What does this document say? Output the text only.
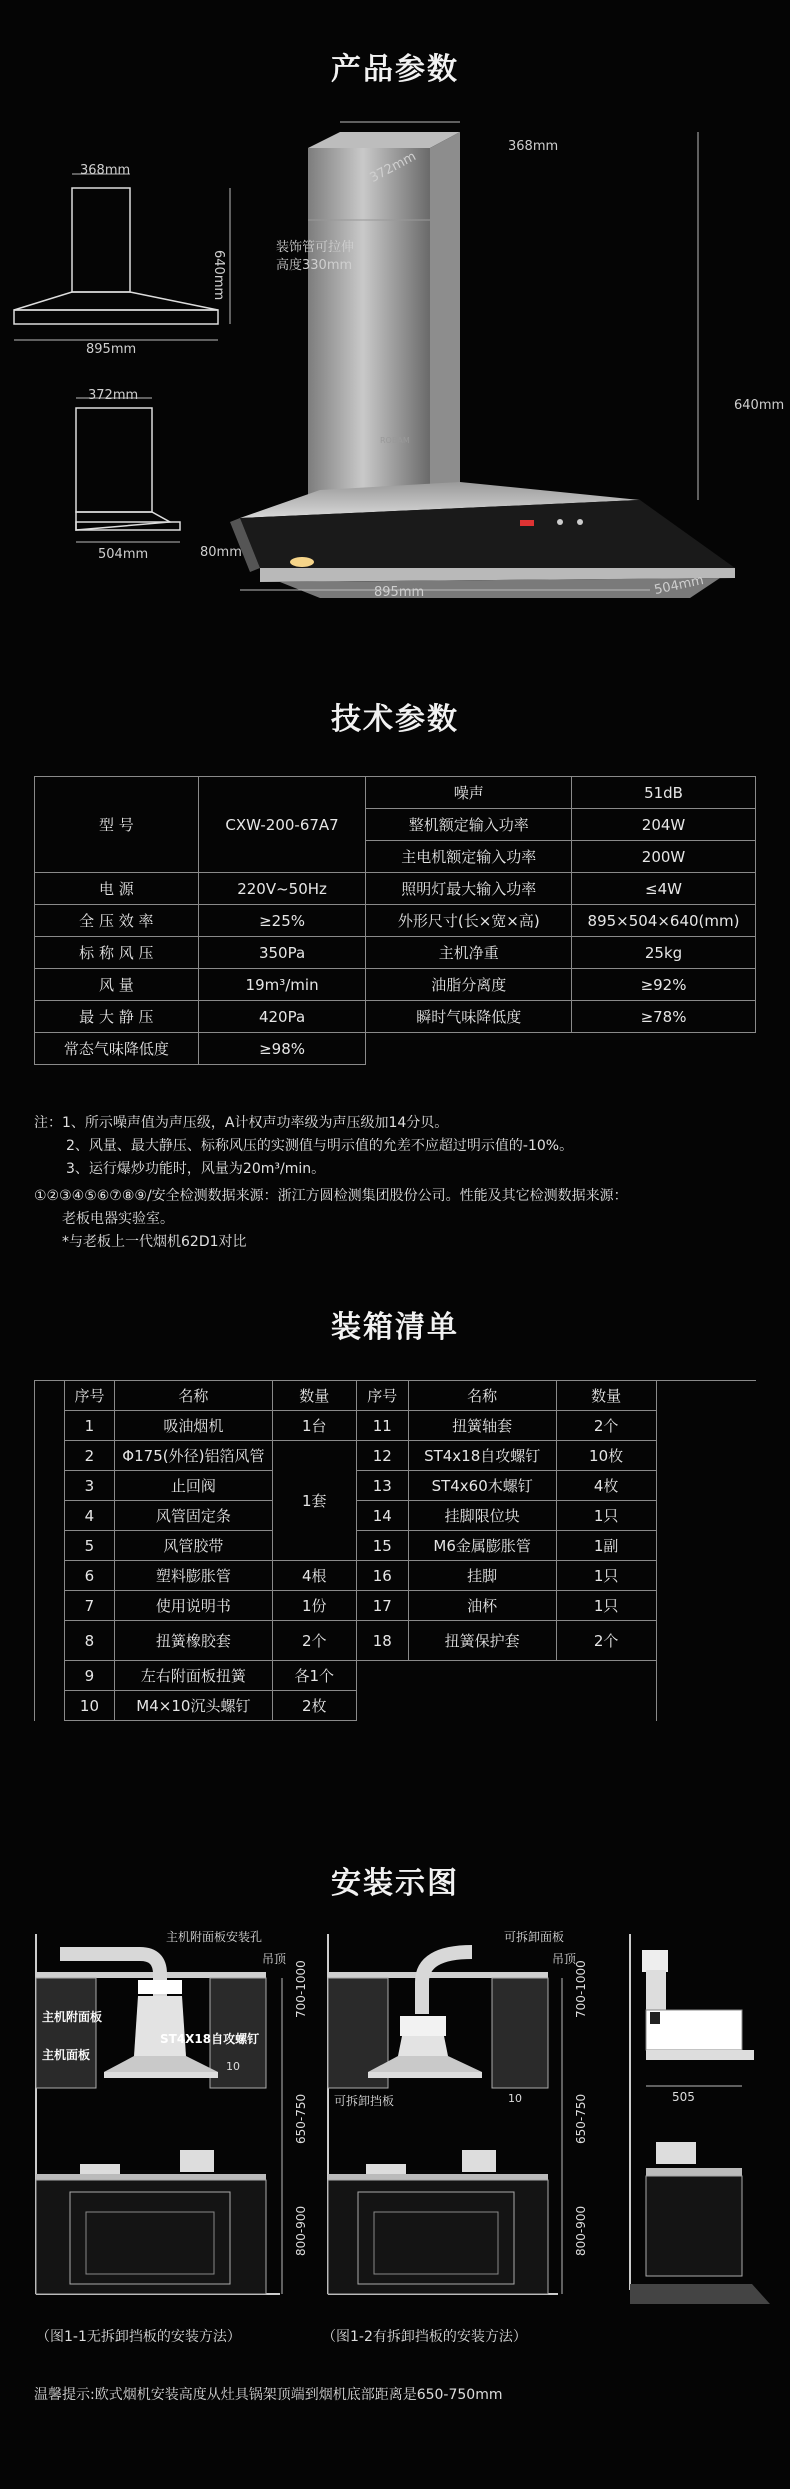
产品参数
368mm
895mm
640mm
372mm
504mm	80mm
368mm
372mm
装饰管可拉伸
高度330mm
640mm
895mm	504mm
ROBAM
技术参数
型 号	CXW-200-67A7	噪声	51dB
		整机额定输入功率	204W
		主电机额定输入功率	200W
电 源	220V~50Hz	照明灯最大输入功率	≤4W
全 压 效 率	≥25%	外形尺寸(长×宽×高)	895×504×640(mm)
标 称 风 压	350Pa	主机净重	25kg
风 量	19m³/min	油脂分离度	≥92%
最 大 静 压	420Pa	瞬时气味降低度	≥78%
常态气味降低度	≥98%		
注：1、所示噪声值为声压级，A计权声功率级为声压级加14分贝。
2、风量、最大静压、标称风压的实测值与明示值的允差不应超过明示值的-10%。
3、运行爆炒功能时，风量为20m³/min。
①②③④⑤⑥⑦⑧⑨/安全检测数据来源：浙江方圆检测集团股份公司。性能及其它检测数据来源：
老板电器实验室。
*与老板上一代烟机62D1对比
装箱清单
	序号	名称	数量	序号	名称	数量	
	1	吸油烟机	1台	11	扭簧轴套	2个	
	2	Φ175(外径)铝箔风管	1套	12	ST4x18自攻螺钉	10枚	
	3	止回阀		13	ST4x60木螺钉	4枚	
	4	风管固定条		14	挂脚限位块	1只	
	5	风管胶带		15	M6金属膨胀管	1副	
	6	塑料膨胀管	4根	16	挂脚	1只	
	7	使用说明书	1份	17	油杯	1只	
	8	扭簧橡胶套	2个	18	扭簧保护套	2个	
	9	左右附面板扭簧	各1个				
	10	M4×10沉头螺钉	2枚				
安装示图
主机附面板安装孔
吊顶
主机附面板
ST4X18自攻螺钉
主机面板
10
700-1000
650-750
800-900
可拆卸面板
吊顶
可拆卸挡板	10
700-1000
650-750
800-900
505
（图1-1无拆卸挡板的安装方法）	（图1-2有拆卸挡板的安装方法）
温馨提示:欧式烟机安装高度从灶具锅架顶端到烟机底部距离是650-750mm
